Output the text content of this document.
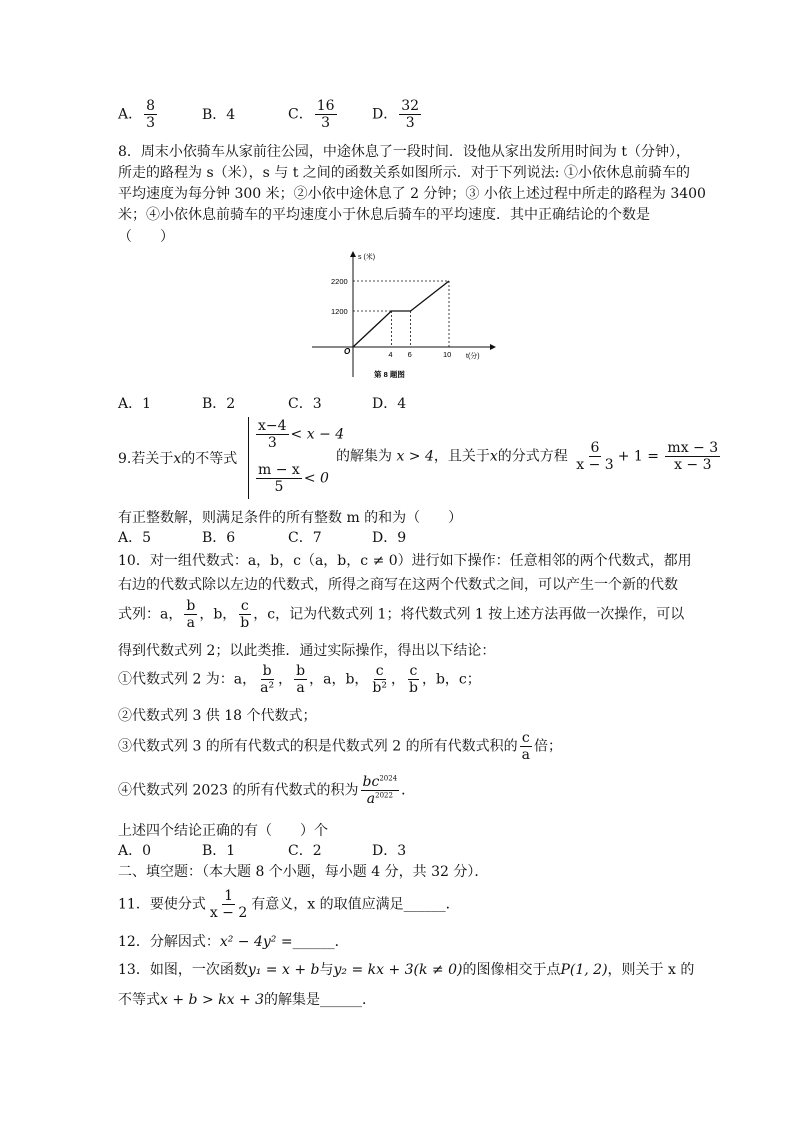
A． $\frac{8}{3}$	B．4	C． $\frac{16}{3}$	D． $\frac{32}{3}$
8．周末小依骑车从家前往公园，中途休息了一段时间．设他从家出发所用时间为 t（分钟），
所走的路程为 s（米），s 与 t 之间的函数关系如图所示．对于下列说法: ①小依休息前骑车的
平均速度为每分钟 300 米；②小依中途休息了 2 分钟；③ 小依上述过程中所走的路程为 3400
米；④小依休息前骑车的平均速度小于休息后骑车的平均速度．其中正确结论的个数是
（　　）
s (米)
t(分)
O
第 8 题图
4 6	10
1200
2200
A．1	B．2	C．3	D．4
9.若关于x的不等式
$\frac{x-4}{3} < x - 4$
$\frac{m - x}{5} < 0$
的解集为 x > 4，且关于x的分式方程 $\frac{6}{x - 3} + 1 = \frac{mx - 3}{x - 3}$
有正整数解，则满足条件的所有整数 m 的和为（　　）
A．5	B．6	C．7	D．9
10．对一组代数式：a，b，c（a，b，c ≠ 0）进行如下操作：任意相邻的两个代数式，都用
右边的代数式除以左边的代数式，所得之商写在这两个代数式之间，可以产生一个新的代数
式列：a， $\frac{b}{a}$ ，b， $\frac{c}{b}$ ，c，记为代数式列 1；将代数式列 1 按上述方法再做一次操作，可以
得到代数式列 2；以此类推．通过实际操作，得出以下结论：
①代数式列 2 为：a， $\frac{b}{\text{a²}}$ ， $\frac{b}{a}$ ，a，b， $\frac{c}{\text{b²}}$ ， $\frac{c}{b}$ ，b，c；
②代数式列 3 供 18 个代数式；
③代数式列 3 的所有代数式的积是代数式列 2 的所有代数式积的 $\frac{c}{a}$ 倍；
④代数式列 2023 的所有代数式的积为 $\frac{bc^{2024}}{a^{2022}}$ ．
上述四个结论正确的有（　　）个
A．0	B．1	C．2	D．3
二、填空题：（本大题 8 个小题，每小题 4 分，共 32 分）．
11．要使分式 $\frac{1}{x - 2}$ 有意义，x 的取值应满足______．
12．分解因式：x² − 4y² =______．
13．如图，一次函数y₁ = x + b与y₂ = kx + 3(k ≠ 0)的图像相交于点P(1, 2)，则关于 x 的
不等式x + b > kx + 3的解集是______．
